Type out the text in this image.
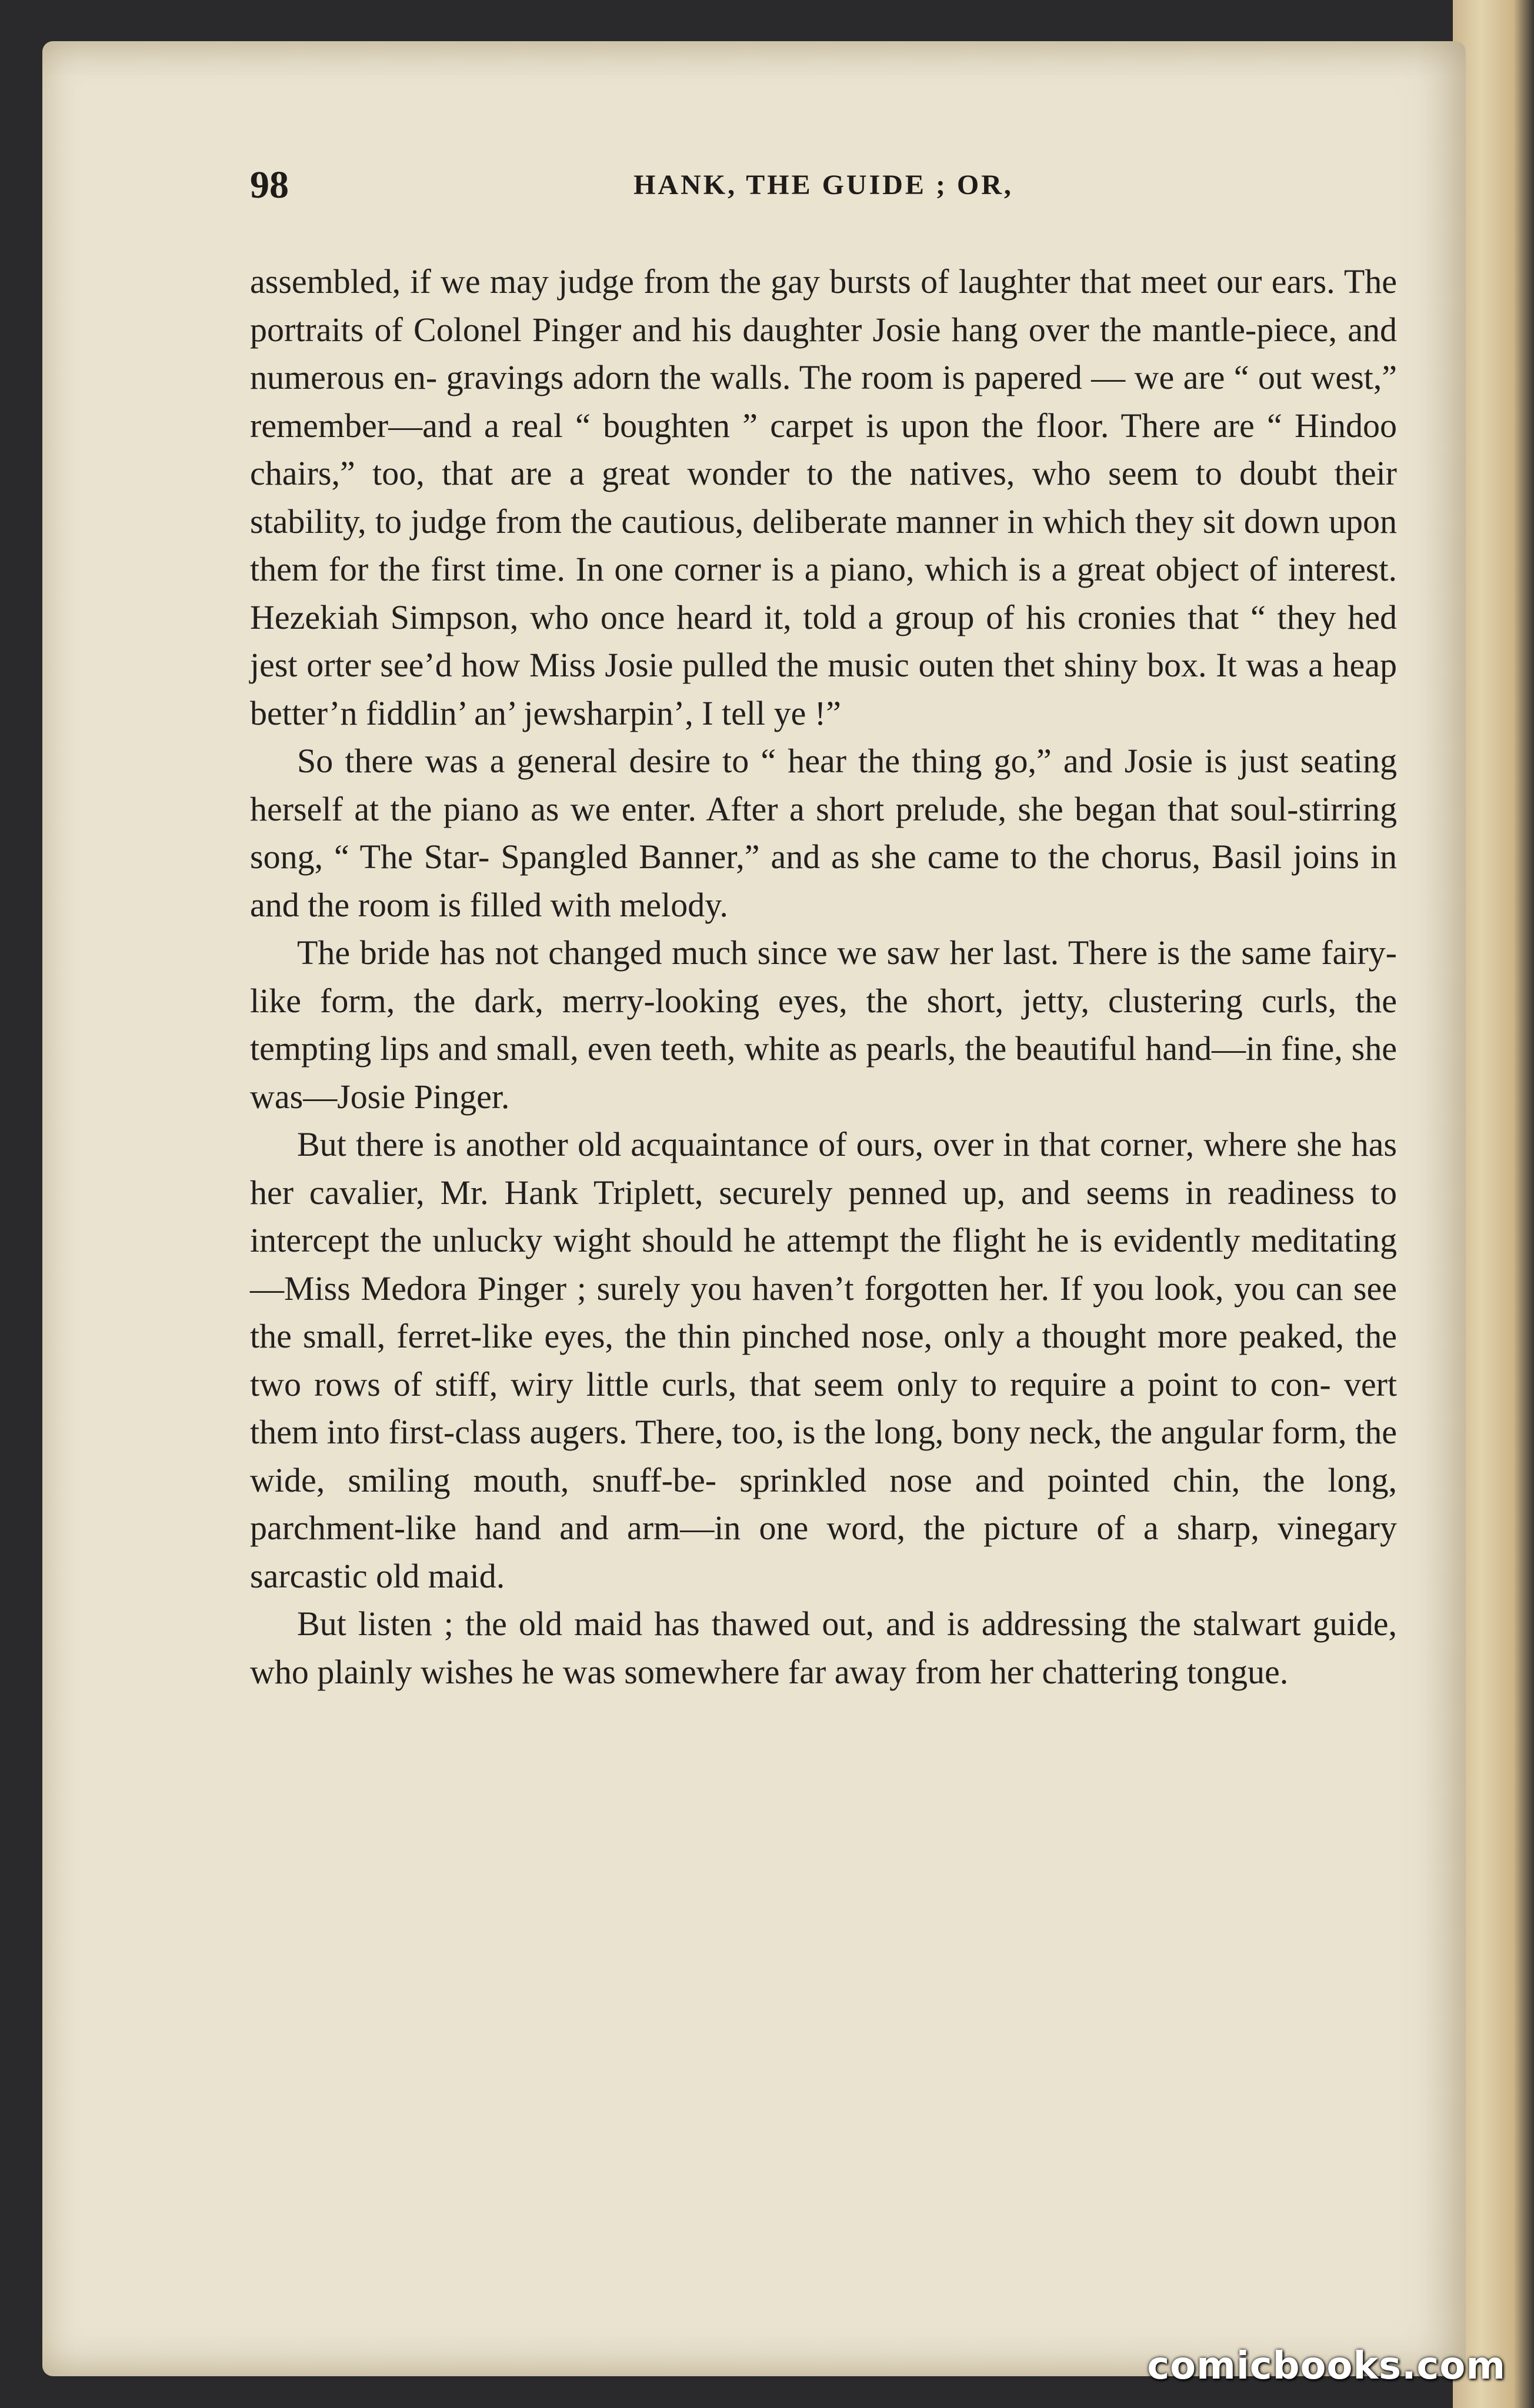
98	HANK, THE GUIDE ; OR,

assembled, if we may judge from the gay bursts of laughter that meet our ears. The portraits of Colonel Pinger and his daughter Josie hang over the mantle-piece, and numerous en- gravings adorn the walls. The room is papered — we are “ out west,” remember—and a real “ boughten ” carpet is upon the floor. There are “ Hindoo chairs,” too, that are a great wonder to the natives, who seem to doubt their stability, to judge from the cautious, deliberate manner in which they sit down upon them for the first time. In one corner is a piano, which is a great object of interest. Hezekiah Simpson, who once heard it, told a group of his cronies that “ they hed jest orter see’d how Miss Josie pulled the music outen thet shiny box. It was a heap better’n fiddlin’ an’ jewsharpin’, I tell ye !”

So there was a general desire to “ hear the thing go,” and Josie is just seating herself at the piano as we enter. After a short prelude, she began that soul-stirring song, “ The Star- Spangled Banner,” and as she came to the chorus, Basil joins in and the room is filled with melody.

The bride has not changed much since we saw her last. There is the same fairy-like form, the dark, merry-looking eyes, the short, jetty, clustering curls, the tempting lips and small, even teeth, white as pearls, the beautiful hand—in fine, she was—Josie Pinger.

But there is another old acquaintance of ours, over in that corner, where she has her cavalier, Mr. Hank Triplett, securely penned up, and seems in readiness to intercept the unlucky wight should he attempt the flight he is evidently meditating —Miss Medora Pinger ; surely you haven’t forgotten her. If you look, you can see the small, ferret-like eyes, the thin pinched nose, only a thought more peaked, the two rows of stiff, wiry little curls, that seem only to require a point to con- vert them into first-class augers. There, too, is the long, bony neck, the angular form, the wide, smiling mouth, snuff-be- sprinkled nose and pointed chin, the long, parchment-like hand and arm—in one word, the picture of a sharp, vinegary sarcastic old maid.

But listen ; the old maid has thawed out, and is addressing the stalwart guide, who plainly wishes he was somewhere far away from her chattering tongue.

comicbooks.com
